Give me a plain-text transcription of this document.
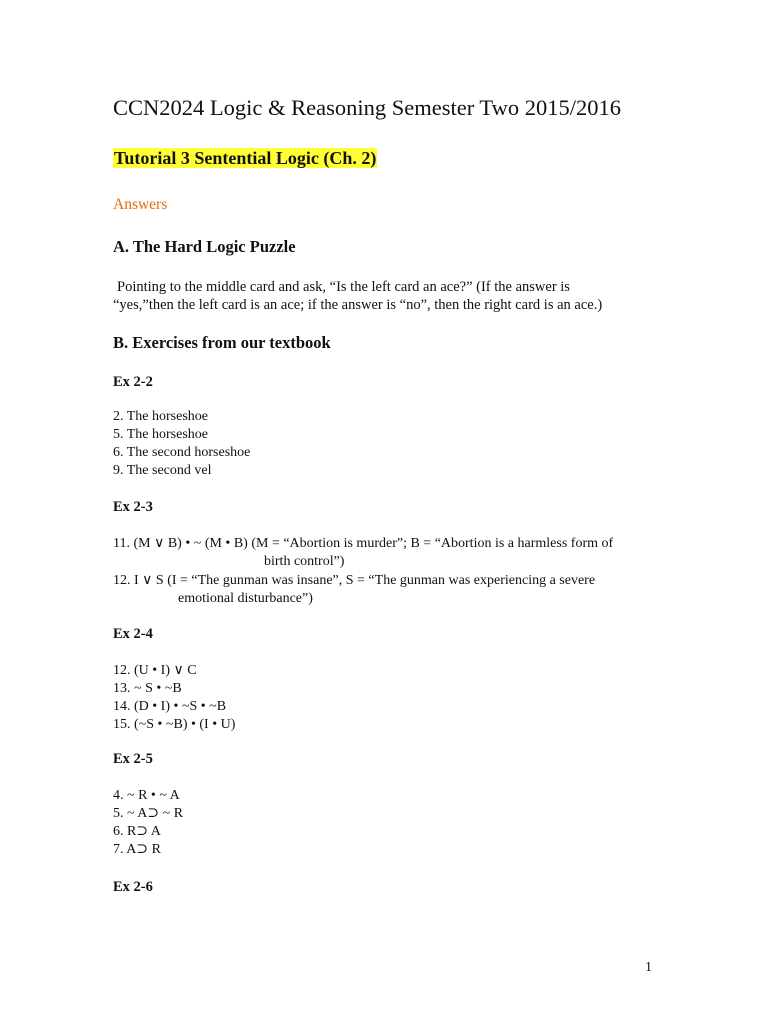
CCN2024 Logic & Reasoning Semester Two 2015/2016
Tutorial 3 Sentential Logic (Ch. 2)
Answers
A. The Hard Logic Puzzle
Pointing to the middle card and ask, “Is the left card an ace?” (If the answer is
“yes,”then the left card is an ace; if the answer is “no”, then the right card is an ace.)
B. Exercises from our textbook
Ex 2-2
2. The horseshoe
5. The horseshoe
6. The second horseshoe
9. The second vel
Ex 2-3
11. (M ∨ B) • ~ (M • B) (M = “Abortion is murder”; B = “Abortion is a harmless form of
birth control”)
12. I ∨ S (I = “The gunman was insane”, S = “The gunman was experiencing a severe
emotional disturbance”)
Ex 2-4
12. (U • I) ∨ C
13. ~ S • ~B
14. (D • I) • ~S • ~B
15. (~S • ~B) • (I • U)
Ex 2-5
4. ~ R • ~ A
5. ~ A⊃ ~ R
6. R⊃ A
7. A⊃ R
Ex 2-6
1
